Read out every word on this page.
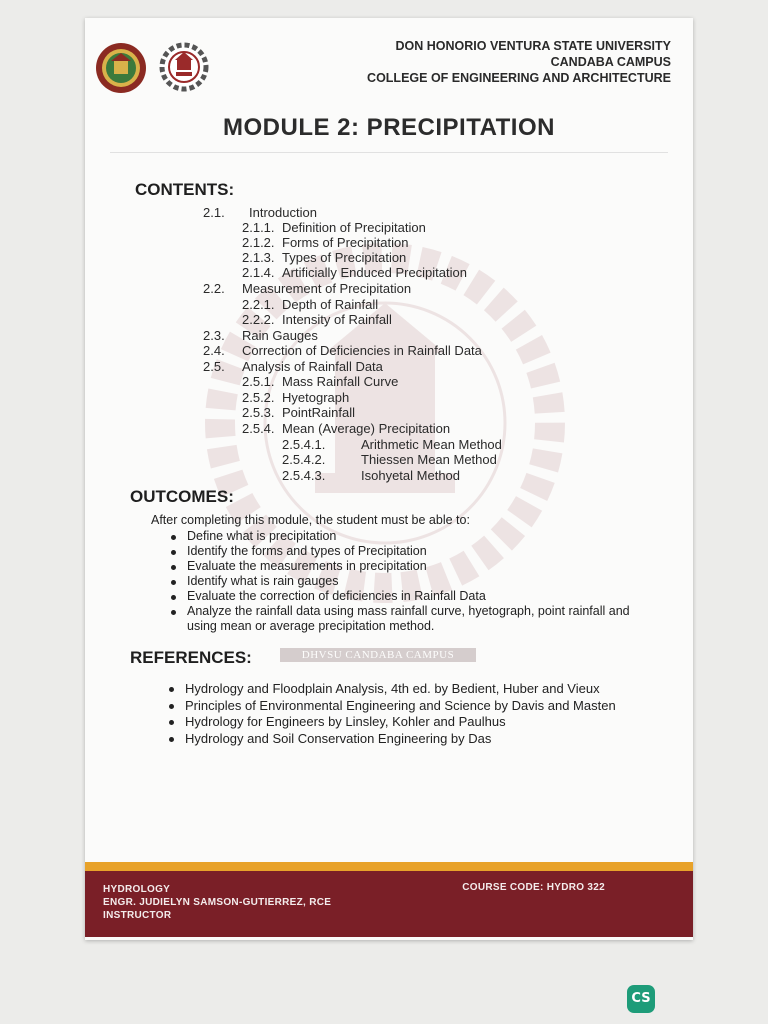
DON HONORIO VENTURA STATE UNIVERSITY
CANDABA CAMPUS
COLLEGE OF ENGINEERING AND ARCHITECTURE
MODULE 2: PRECIPITATION
CONTENTS:
2.1. Introduction
2.1.1. Definition of Precipitation
2.1.2. Forms of Precipitation
2.1.3. Types of Precipitation
2.1.4. Artificially Enduced Precipitation
2.2. Measurement of Precipitation
2.2.1. Depth of Rainfall
2.2.2. Intensity of Rainfall
2.3. Rain Gauges
2.4. Correction of Deficiencies in Rainfall Data
2.5. Analysis of Rainfall Data
2.5.1. Mass Rainfall Curve
2.5.2. Hyetograph
2.5.3. PointRainfall
2.5.4. Mean (Average) Precipitation
2.5.4.1.	Arithmetic Mean Method
2.5.4.2.	Thiessen Mean Method
2.5.4.3.	Isohyetal Method
OUTCOMES:
After completing this module, the student must be able to:
Define what is precipitation
Identify the forms and types of Precipitation
Evaluate the measurements in precipitation
Identify what is rain gauges
Evaluate the correction of deficiencies in Rainfall Data
Analyze the rainfall data using mass rainfall curve, hyetograph, point rainfall and using mean or average precipitation method.
REFERENCES:	DHVSU CANDABA CAMPUS
Hydrology and Floodplain Analysis, 4th ed. by Bedient, Huber and Vieux
Principles of Environmental Engineering and Science by Davis and Masten
Hydrology for Engineers by Linsley, Kohler and Paulhus
Hydrology and Soil Conservation Engineering by Das
HYDROLOGY
ENGR. JUDIELYN SAMSON-GUTIERREZ, RCE
INSTRUCTOR
COURSE CODE: HYDRO 322
CS
